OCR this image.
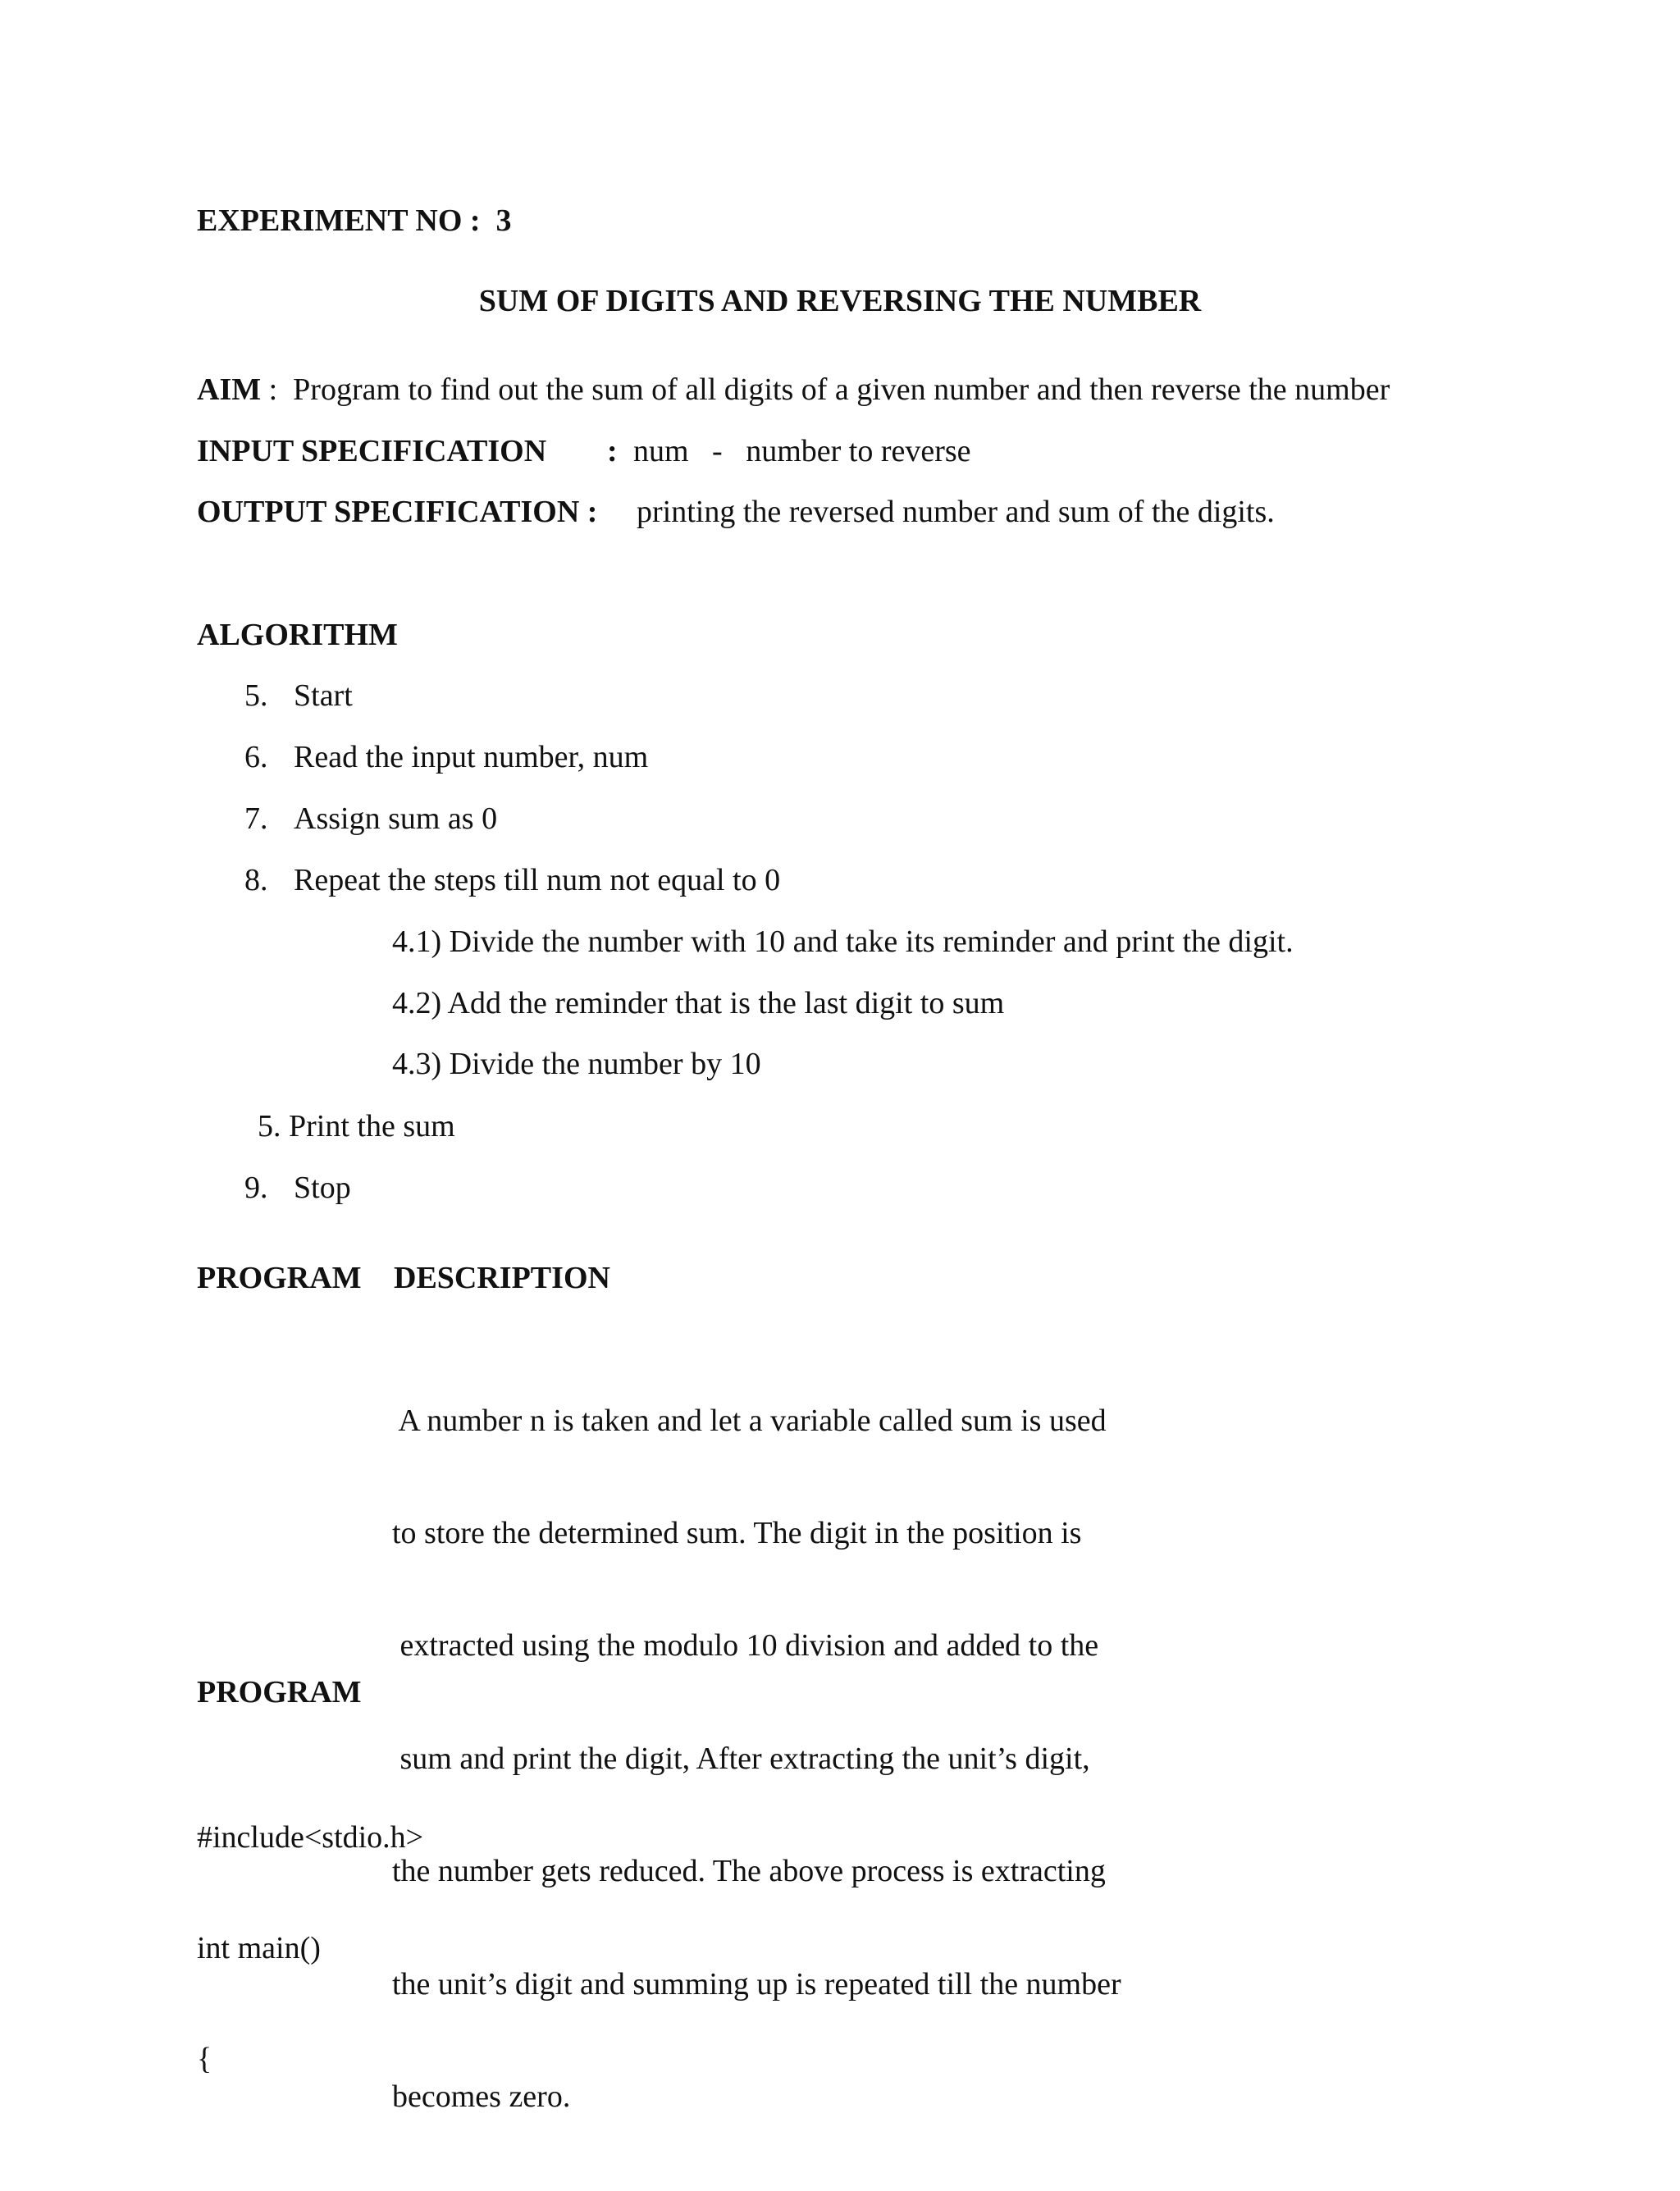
EXPERIMENT NO :  3
SUM OF DIGITS AND REVERSING THE NUMBER
AIM :  Program to find out the sum of all digits of a given number and then reverse the number
INPUT SPECIFICATION : num   -   number to reverse
OUTPUT SPECIFICATION : printing the reversed number and sum of the digits.
ALGORITHM
5. Start
6. Read the input number, num
7. Assign sum as 0
8. Repeat the steps till num not equal to 0
4.1) Divide the number with 10 and take its reminder and print the digit.
4.2) Add the reminder that is the last digit to sum
4.3) Divide the number by 10
5. Print the sum
9. Stop
PROGRAM DESCRIPTION

A number n is taken and let a variable called sum is used

to store the determined sum. The digit in the position is

extracted using the modulo 10 division and added to the

sum and print the digit, After extracting the unit’s digit,

the number gets reduced. The above process is extracting

the unit’s digit and summing up is repeated till the number

becomes zero.

PROGRAM

#include<stdio.h>

int main()

{
